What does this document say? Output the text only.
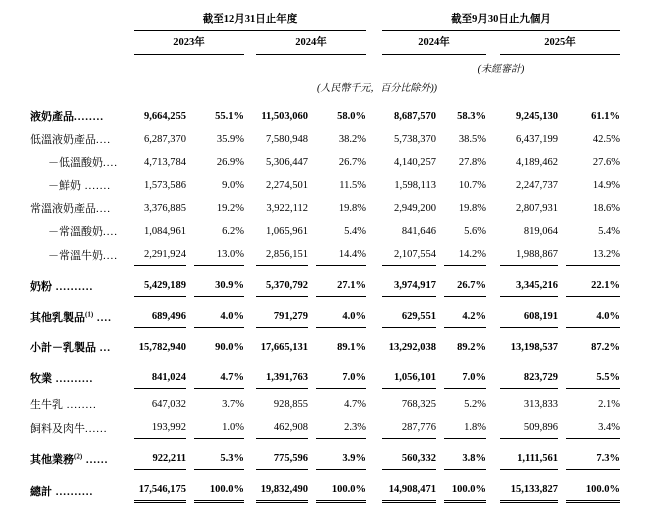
	截至12月31日止年度								截至9月30日止九個月						
	2023年				2024年				2024年				2025年		
									(未經審計)						
	(人民幣千元，百分比除外))														
液奶產品........	9,664,255		55.1%		11,503,060		58.0%		8,687,570		58.3%		9,245,130		61.1%
低溫液奶產品....	6,287,370		35.9%		7,580,948		38.2%		5,738,370		38.5%		6,437,199		42.5%
－低溫酸奶....	4,713,784		26.9%		5,306,447		26.7%		4,140,257		27.8%		4,189,462		27.6%
－鮮奶 .......	1,573,586		9.0%		2,274,501		11.5%		1,598,113		10.7%		2,247,737		14.9%
常溫液奶產品....	3,376,885		19.2%		3,922,112		19.8%		2,949,200		19.8%		2,807,931		18.6%
－常溫酸奶....	1,084,961		6.2%		1,065,961		5.4%		841,646		5.6%		819,064		5.4%
－常溫牛奶....	2,291,924		13.0%		2,856,151		14.4%		2,107,554		14.2%		1,988,867		13.2%
奶粉 ..........	5,429,189		30.9%		5,370,792		27.1%		3,974,917		26.7%		3,345,216		22.1%
其他乳製品$^{(1)}$ ....	689,496		4.0%		791,279		4.0%		629,551		4.2%		608,191		4.0%
小計－乳製品 ...	15,782,940		90.0%		17,665,131		89.1%		13,292,038		89.2%		13,198,537		87.2%
牧業 ..........	841,024		4.7%		1,391,763		7.0%		1,056,101		7.0%		823,729		5.5%
生牛乳 ........	647,032		3.7%		928,855		4.7%		768,325		5.2%		313,833		2.1%
飼料及肉牛......	193,992		1.0%		462,908		2.3%		287,776		1.8%		509,896		3.4%
其他業務$^{(2)}$ ......	922,211		5.3%		775,596		3.9%		560,332		3.8%		1,111,561		7.3%
總計 ..........	17,546,175		100.0%		19,832,490		100.0%		14,908,471		100.0%		15,133,827		100.0%
